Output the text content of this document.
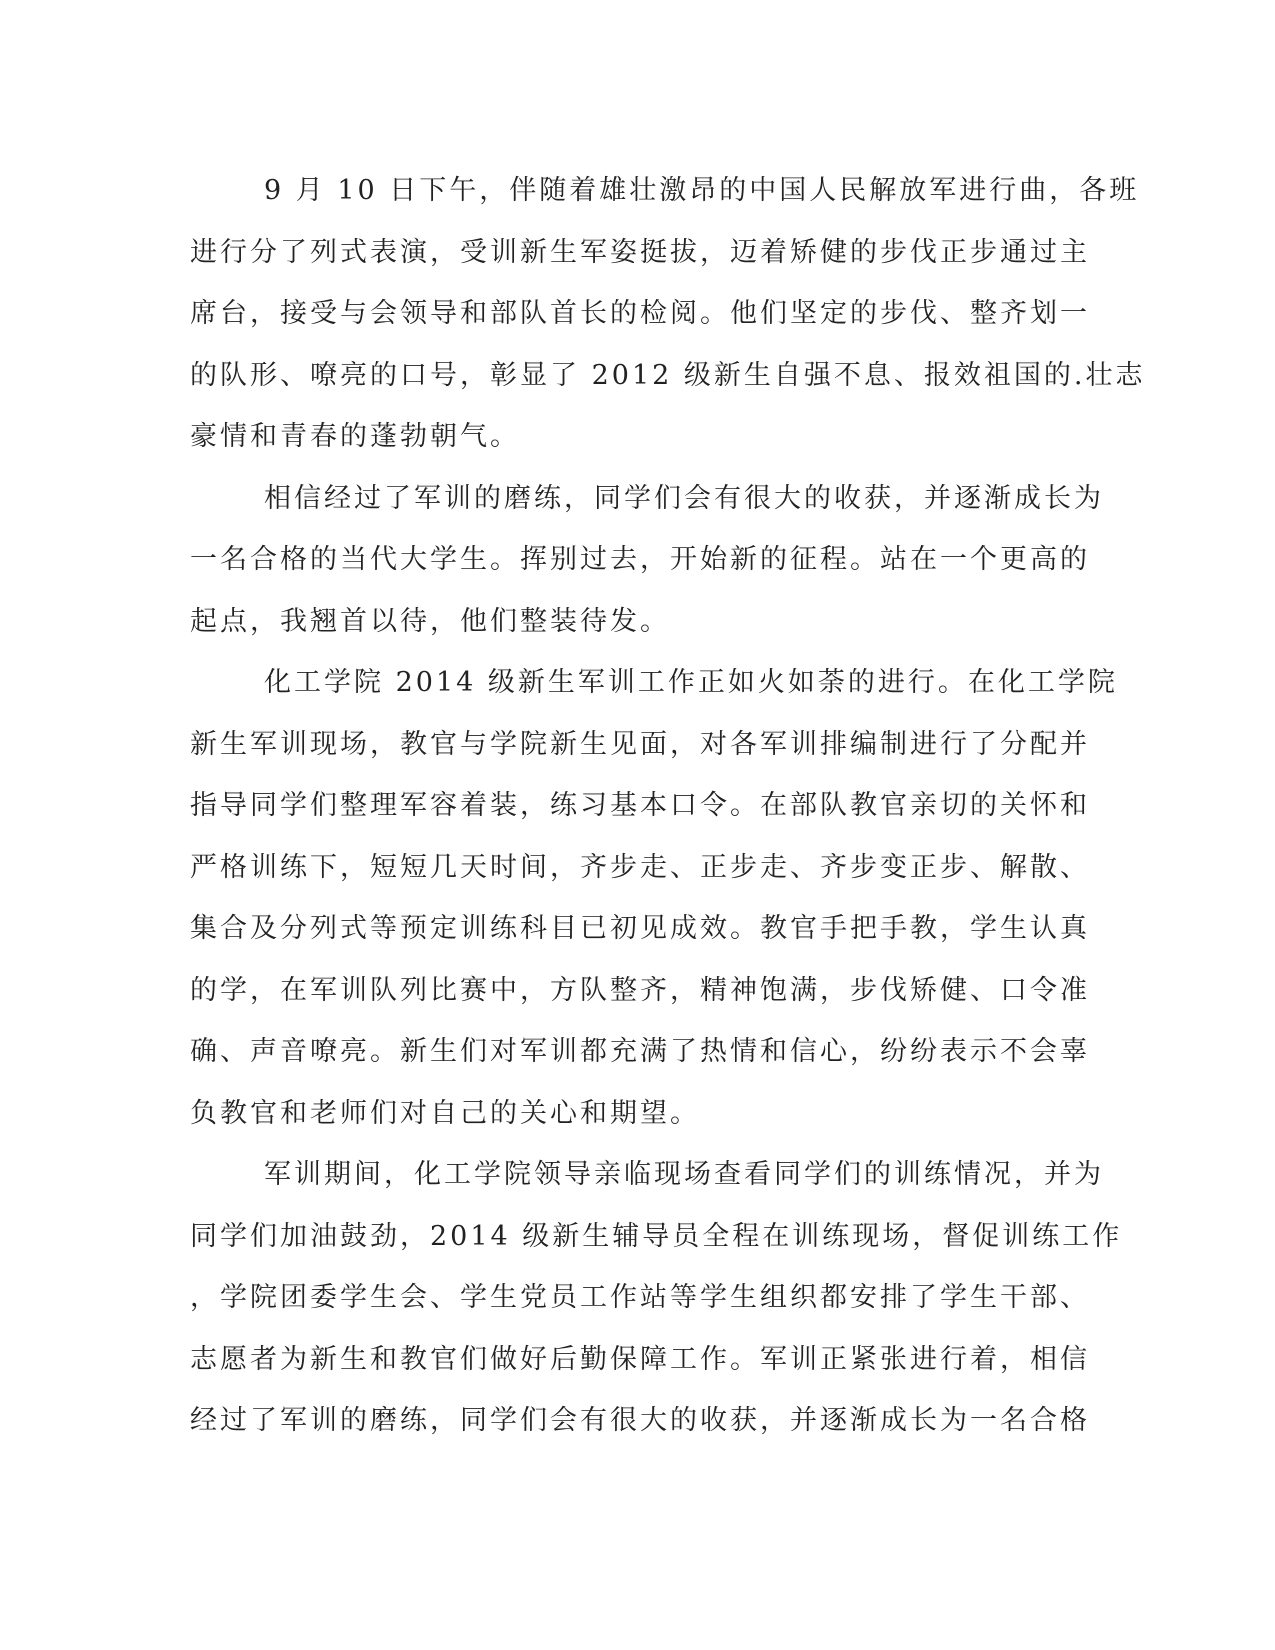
9 月 10 日下午，伴随着雄壮激昂的中国人民解放军进行曲，各班
进行分了列式表演，受训新生军姿挺拔，迈着矫健的步伐正步通过主
席台，接受与会领导和部队首长的检阅。他们坚定的步伐、整齐划一
的队形、嘹亮的口号，彰显了 2012 级新生自强不息、报效祖国的.壮志
豪情和青春的蓬勃朝气。
相信经过了军训的磨练，同学们会有很大的收获，并逐渐成长为
一名合格的当代大学生。挥别过去，开始新的征程。站在一个更高的
起点，我翘首以待，他们整装待发。
化工学院 2014 级新生军训工作正如火如荼的进行。在化工学院
新生军训现场，教官与学院新生见面，对各军训排编制进行了分配并
指导同学们整理军容着装，练习基本口令。在部队教官亲切的关怀和
严格训练下，短短几天时间，齐步走、正步走、齐步变正步、解散、
集合及分列式等预定训练科目已初见成效。教官手把手教，学生认真
的学，在军训队列比赛中，方队整齐，精神饱满，步伐矫健、口令准
确、声音嘹亮。新生们对军训都充满了热情和信心，纷纷表示不会辜
负教官和老师们对自己的关心和期望。
军训期间，化工学院领导亲临现场查看同学们的训练情况，并为
同学们加油鼓劲，2014 级新生辅导员全程在训练现场，督促训练工作
，学院团委学生会、学生党员工作站等学生组织都安排了学生干部、
志愿者为新生和教官们做好后勤保障工作。军训正紧张进行着，相信
经过了军训的磨练，同学们会有很大的收获，并逐渐成长为一名合格
